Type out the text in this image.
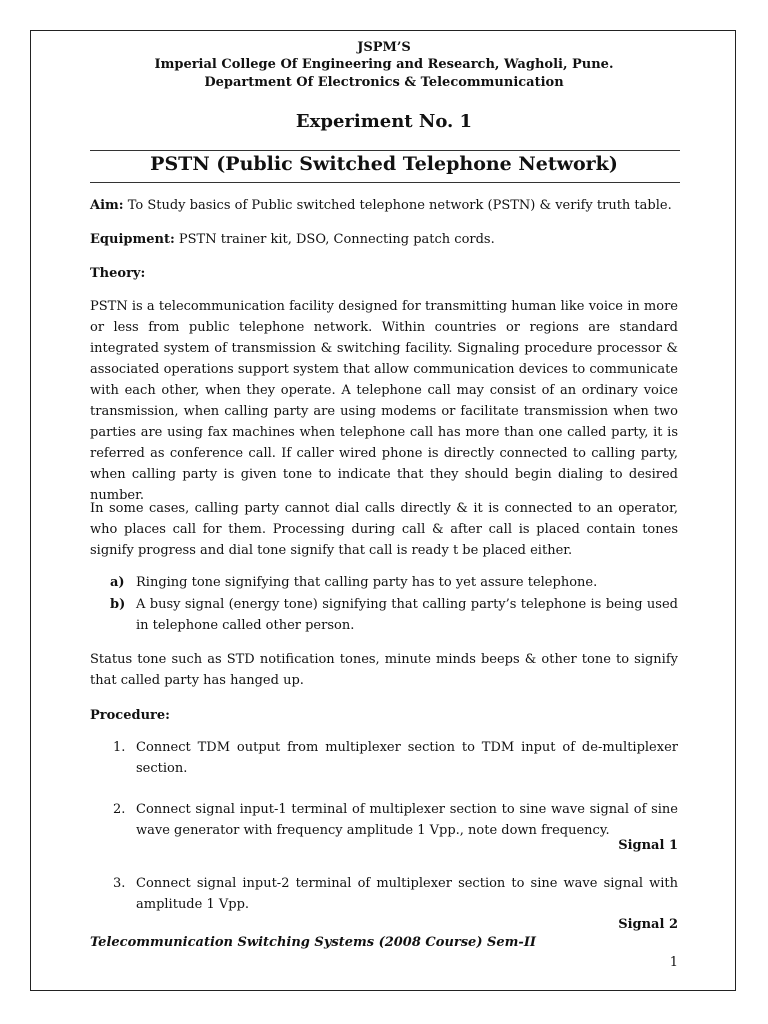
JSPM’S
Imperial College Of Engineering and Research, Wagholi, Pune.
Department Of Electronics & Telecommunication
Experiment No. 1
PSTN (Public Switched Telephone Network)
Aim: To Study basics of Public switched telephone network (PSTN) & verify truth table.
Equipment: PSTN trainer kit, DSO, Connecting patch cords.
Theory:
PSTN is a telecommunication facility designed for transmitting human like voice in more or less from public telephone network. Within countries or regions are standard integrated system of transmission & switching facility. Signaling procedure processor & associated operations support system that allow communication devices to communicate with each other, when they operate. A telephone call may consist of an ordinary voice transmission, when calling party are using modems or facilitate transmission when two parties are using fax machines when telephone call has more than one called party, it is referred as conference call. If caller wired phone is directly connected to calling party, when calling party is given tone to indicate that they should begin dialing to desired number.
In some cases, calling party cannot dial calls directly & it is connected to an operator, who places call for them. Processing during call & after call is placed contain tones signify progress and dial tone signify that call is ready t be placed either.
a) Ringing tone signifying that calling party has to yet assure telephone.
b) A busy signal (energy tone) signifying that calling party’s telephone is being used in telephone called other person.
Status tone such as STD notification tones, minute minds beeps & other tone to signify that called party has hanged up.
Procedure:
1. Connect TDM output from multiplexer section to TDM input of de-multiplexer section.
2. Connect signal input-1 terminal of multiplexer section to sine wave signal of sine wave generator with frequency amplitude 1 Vpp., note down frequency.
Signal 1
3. Connect signal input-2 terminal of multiplexer section to sine wave signal with amplitude 1 Vpp.
Signal 2
Telecommunication Switching Systems (2008 Course) Sem-II
1
